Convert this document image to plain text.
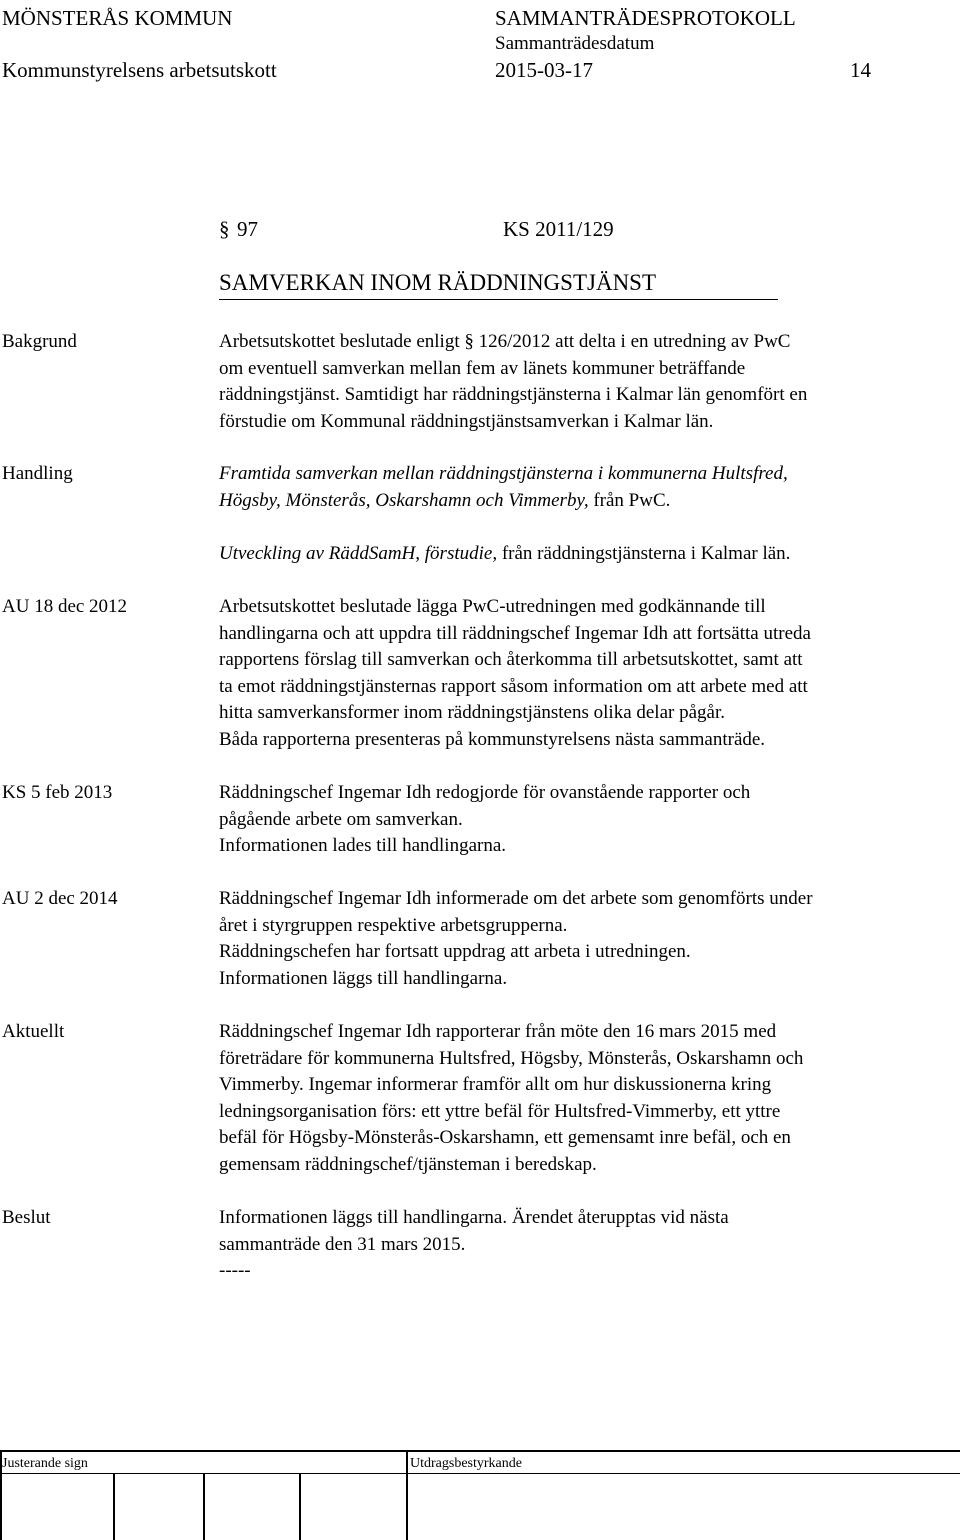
MÖNSTERÅS KOMMUN	SAMMANTRÄDESPROTOKOLL
Sammanträdesdatum
Kommunstyrelsens arbetsutskott	2015-03-17	14
§ 97	KS 2011/129
SAMVERKAN INOM RÄDDNINGSTJÄNST
Bakgrund	Arbetsutskottet beslutade enligt § 126/2012 att delta i en utredning av PwC
om eventuell samverkan mellan fem av länets kommuner beträffande
räddningstjänst. Samtidigt har räddningstjänsterna i Kalmar län genomfört en
förstudie om Kommunal räddningstjänstsamverkan i Kalmar län.
Handling	Framtida samverkan mellan räddningstjänsterna i kommunerna Hultsfred,
Högsby, Mönsterås, Oskarshamn och Vimmerby, från PwC.
Utveckling av RäddSamH, förstudie, från räddningstjänsterna i Kalmar län.
AU 18 dec 2012	Arbetsutskottet beslutade lägga PwC-utredningen med godkännande till
handlingarna och att uppdra till räddningschef Ingemar Idh att fortsätta utreda
rapportens förslag till samverkan och återkomma till arbetsutskottet, samt att
ta emot räddningstjänsternas rapport såsom information om att arbete med att
hitta samverkansformer inom räddningstjänstens olika delar pågår.
Båda rapporterna presenteras på kommunstyrelsens nästa sammanträde.
KS 5 feb 2013	Räddningschef Ingemar Idh redogjorde för ovanstående rapporter och
pågående arbete om samverkan.
Informationen lades till handlingarna.
AU 2 dec 2014	Räddningschef Ingemar Idh informerade om det arbete som genomförts under
året i styrgruppen respektive arbetsgrupperna.
Räddningschefen har fortsatt uppdrag att arbeta i utredningen.
Informationen läggs till handlingarna.
Aktuellt	Räddningschef Ingemar Idh rapporterar från möte den 16 mars 2015 med
företrädare för kommunerna Hultsfred, Högsby, Mönsterås, Oskarshamn och
Vimmerby. Ingemar informerar framför allt om hur diskussionerna kring
ledningsorganisation förs: ett yttre befäl för Hultsfred-Vimmerby, ett yttre
befäl för Högsby-Mönsterås-Oskarshamn, ett gemensamt inre befäl, och en
gemensam räddningschef/tjänsteman i beredskap.
Beslut	Informationen läggs till handlingarna. Ärendet återupptas vid nästa
sammanträde den 31 mars 2015.
-----
Justerande sign	Utdragsbestyrkande
